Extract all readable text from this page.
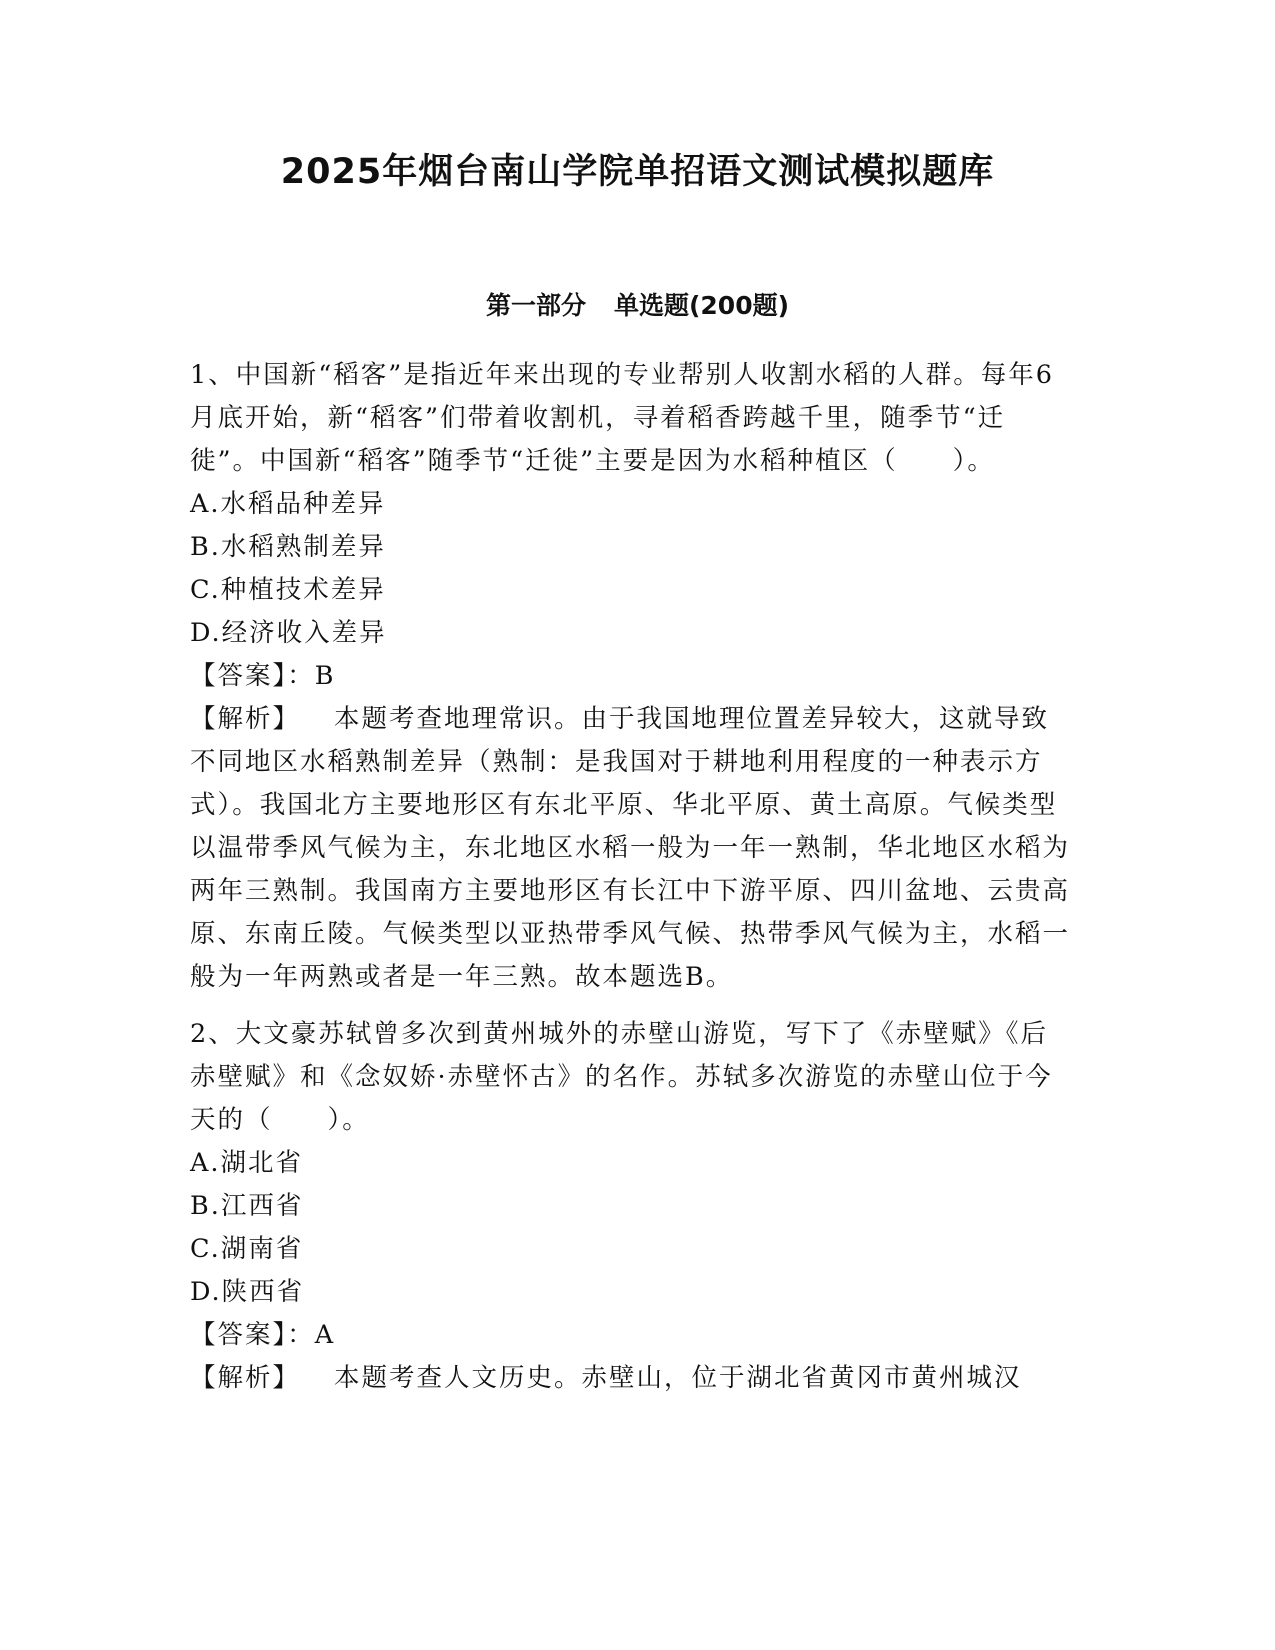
2025年烟台南山学院单招语文测试模拟题库
第一部分 单选题(200题)

1、中国新“稻客”是指近年来出现的专业帮别人收割水稻的人群。每年6月底开始，新“稻客”们带着收割机，寻着稻香跨越千里，随季节“迁徙”。中国新“稻客”随季节“迁徙”主要是因为水稻种植区（　　）。

A.水稻品种差异

B.水稻熟制差异

C.种植技术差异

D.经济收入差异

【答案】：B

【解析】 本题考查地理常识。由于我国地理位置差异较大，这就导致不同地区水稻熟制差异（熟制：是我国对于耕地利用程度的一种表示方式）。我国北方主要地形区有东北平原、华北平原、黄土高原。气候类型以温带季风气候为主，东北地区水稻一般为一年一熟制，华北地区水稻为两年三熟制。我国南方主要地形区有长江中下游平原、四川盆地、云贵高原、东南丘陵。气候类型以亚热带季风气候、热带季风气候为主，水稻一般为一年两熟或者是一年三熟。故本题选B。

2、大文豪苏轼曾多次到黄州城外的赤壁山游览，写下了《赤壁赋》《后赤壁赋》和《念奴娇·赤壁怀古》的名作。苏轼多次游览的赤壁山位于今天的（　　）。

A.湖北省

B.江西省

C.湖南省

D.陕西省

【答案】：A

【解析】 本题考查人文历史。赤壁山，位于湖北省黄冈市黄州城汉
